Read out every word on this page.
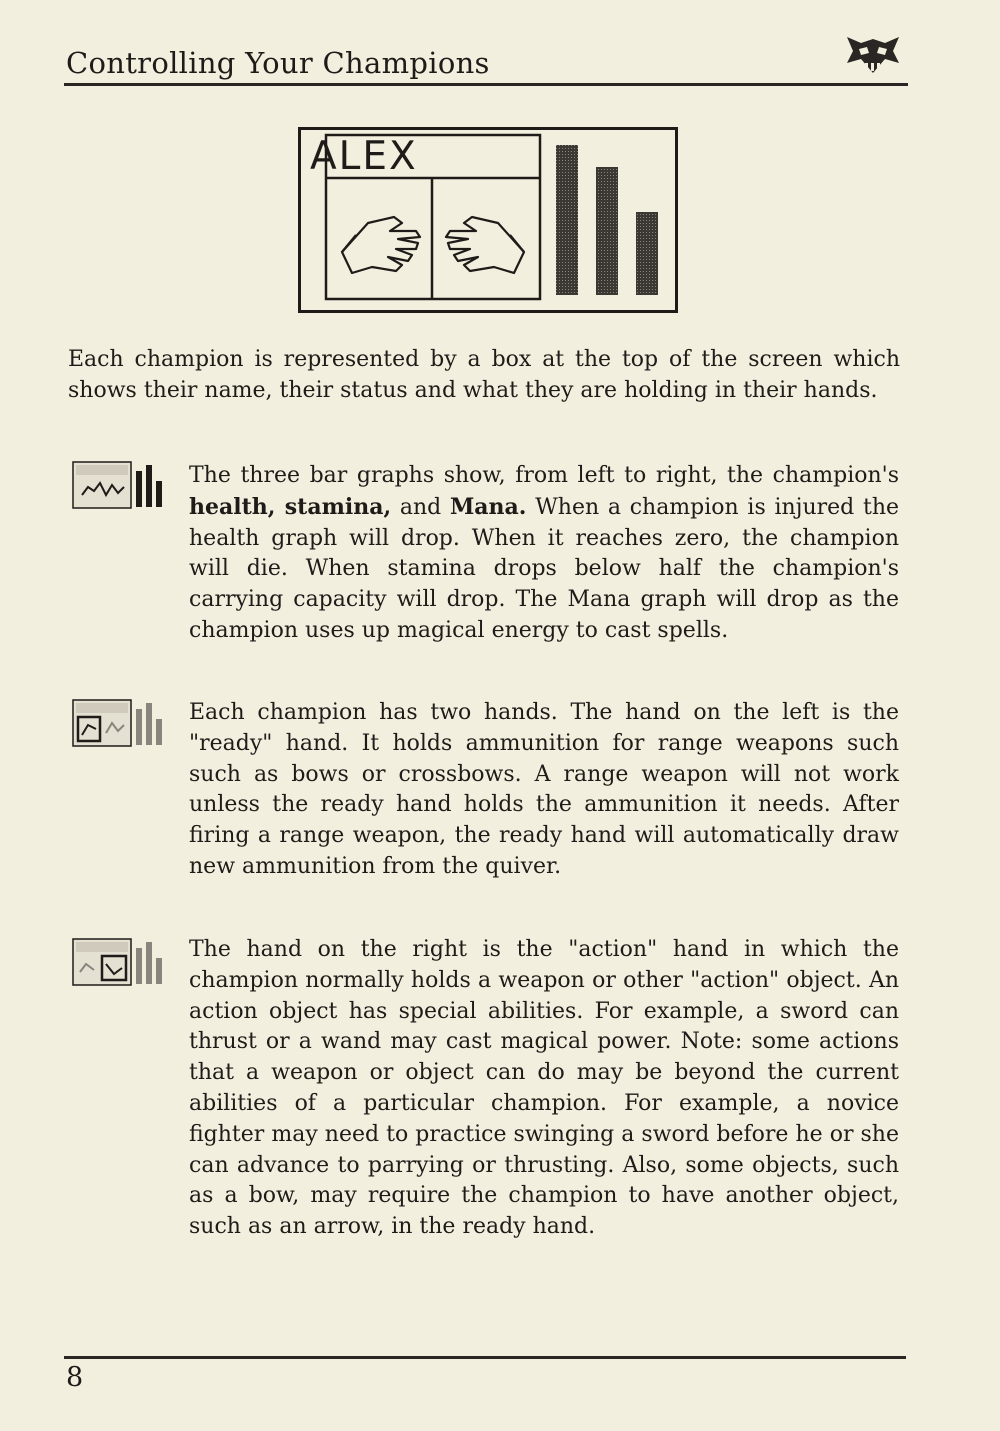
Controlling Your Champions
ALEX
Each champion is represented by a box at the top of the screen which shows their name, their status and what they are holding in their hands.
The three bar graphs show, from left to right, the champion's health, stamina, and Mana. When a champion is injured the health graph will drop. When it reaches zero, the champion will die. When stamina drops below half the champion's carrying capacity will drop. The Mana graph will drop as the champion uses up magical energy to cast spells.
Each champion has two hands. The hand on the left is the "ready" hand. It holds ammunition for range weapons such such as bows or crossbows. A range weapon will not work unless the ready hand holds the ammunition it needs. After firing a range weapon, the ready hand will automatically draw new ammunition from the quiver.
The hand on the right is the "action" hand in which the champion normally holds a weapon or other "action" object. An action object has special abilities. For example, a sword can thrust or a wand may cast magical power. Note: some actions that a weapon or object can do may be beyond the current abilities of a particular champion. For example, a novice fighter may need to practice swinging a sword before he or she can advance to parrying or thrusting. Also, some objects, such as a bow, may require the champion to have another object, such as an arrow, in the ready hand.
8
